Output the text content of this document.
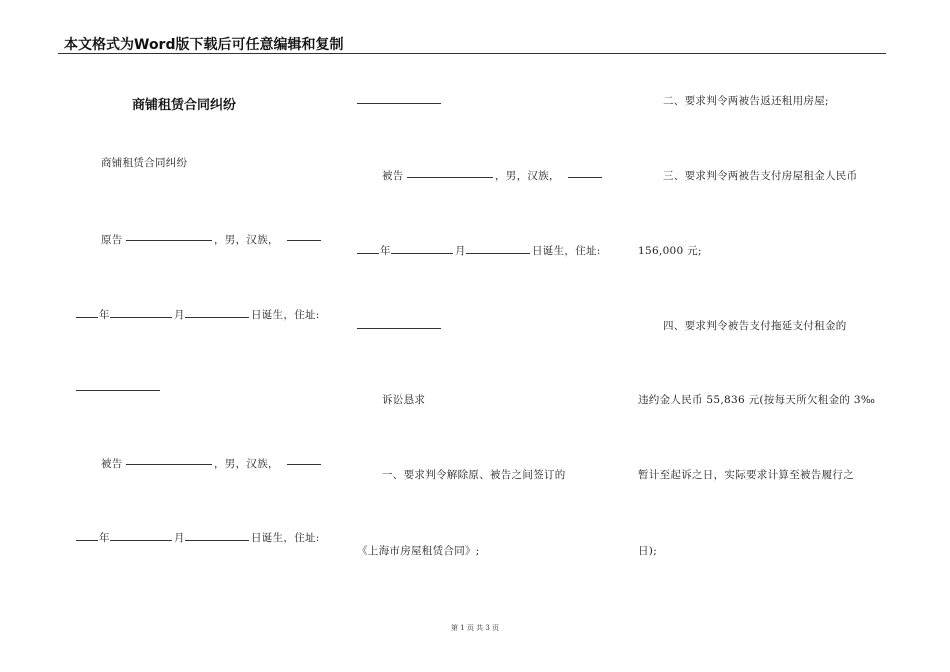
本文格式为Word版下载后可任意编辑和复制
商铺租赁合同纠纷
商铺租赁合同纠纷
原告	，男，汉族，
年	月	日诞生，住址:
被告	，男，汉族，
年	月	日诞生，住址:
被告	，男，汉族，
年	月	日诞生，住址:
诉讼恳求
一、要求判令解除原、被告之间签订的
《上海市房屋租赁合同》;
二、要求判令两被告返还租用房屋;
三、要求判令两被告支付房屋租金人民币
156,000 元;
四、要求判令被告支付拖延支付租金的
违约金人民币 55,836 元(按每天所欠租金的 3‰
暂计至起诉之日，实际要求计算至被告履行之
日);
第 1 页 共 3 页
